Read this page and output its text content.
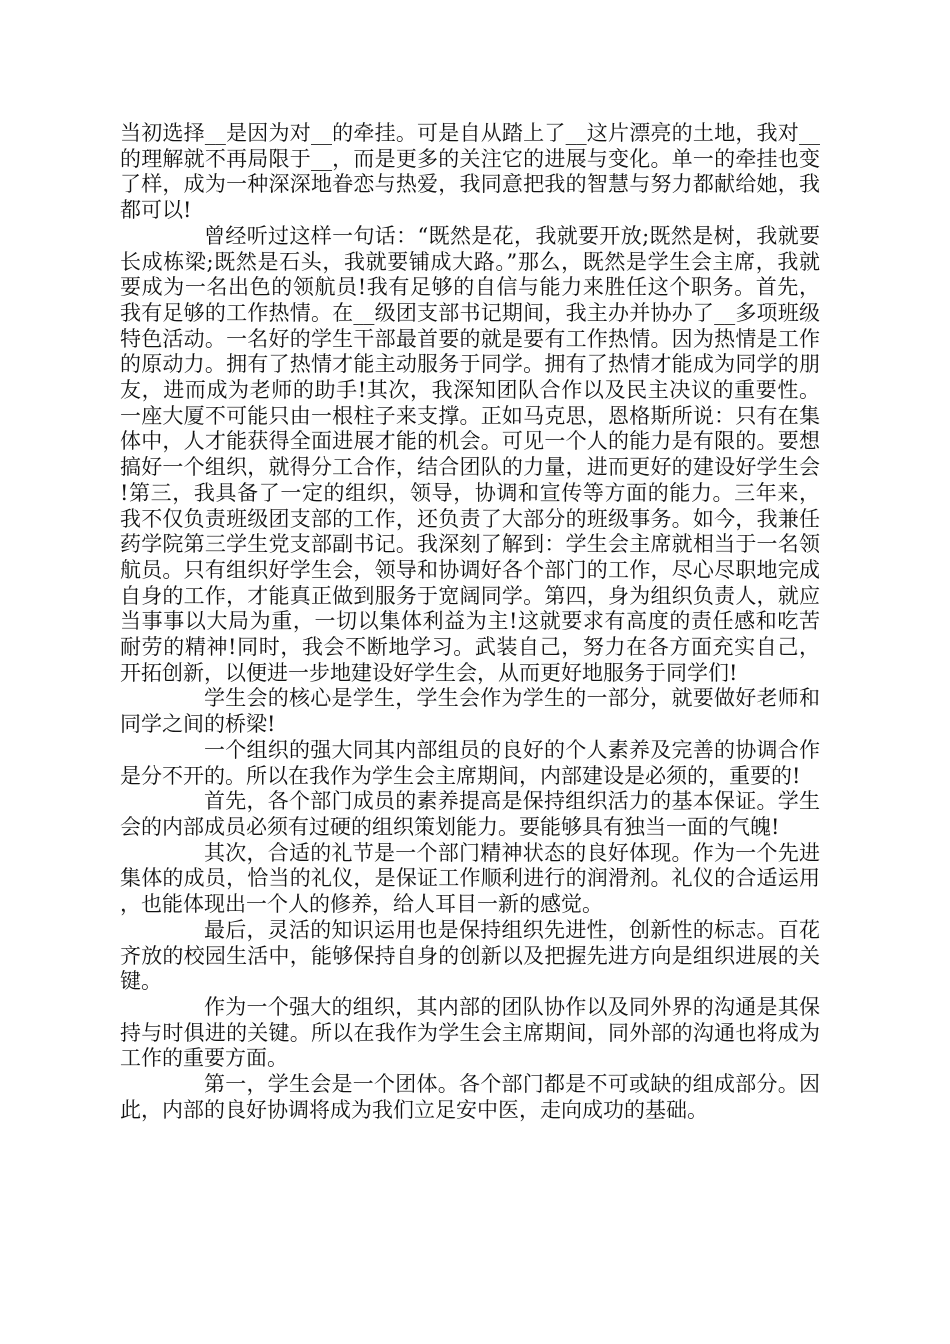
当初选择__是因为对__的牵挂。可是自从踏上了__这片漂亮的土地，我对__的理解就不再局限于__，而是更多的关注它的进展与变化。单一的牵挂也变了样，成为一种深深地眷恋与热爱，我同意把我的智慧与努力都献给她，我都可以!

曾经听过这样一句话：“既然是花，我就要开放;既然是树，我就要长成栋梁;既然是石头，我就要铺成大路。”那么，既然是学生会主席，我就要成为一名出色的领航员!我有足够的自信与能力来胜任这个职务。首先，我有足够的工作热情。在__级团支部书记期间，我主办并协办了__多项班级特色活动。一名好的学生干部最首要的就是要有工作热情。因为热情是工作的原动力。拥有了热情才能主动服务于同学。拥有了热情才能成为同学的朋友，进而成为老师的助手!其次，我深知团队合作以及民主决议的重要性。一座大厦不可能只由一根柱子来支撑。正如马克思，恩格斯所说：只有在集体中，人才能获得全面进展才能的机会。可见一个人的能力是有限的。要想搞好一个组织，就得分工合作，结合团队的力量，进而更好的建设好学生会!第三，我具备了一定的组织，领导，协调和宣传等方面的能力。三年来，我不仅负责班级团支部的工作，还负责了大部分的班级事务。如今，我兼任药学院第三学生党支部副书记。我深刻了解到：学生会主席就相当于一名领航员。只有组织好学生会，领导和协调好各个部门的工作，尽心尽职地完成自身的工作，才能真正做到服务于宽阔同学。第四，身为组织负责人，就应当事事以大局为重，一切以集体利益为主!这就要求有高度的责任感和吃苦耐劳的精神!同时，我会不断地学习。武装自己，努力在各方面充实自己，开拓创新，以便进一步地建设好学生会，从而更好地服务于同学们!

学生会的核心是学生，学生会作为学生的一部分，就要做好老师和同学之间的桥梁!

一个组织的强大同其内部组员的良好的个人素养及完善的协调合作是分不开的。所以在我作为学生会主席期间，内部建设是必须的，重要的!

首先，各个部门成员的素养提高是保持组织活力的基本保证。学生会的内部成员必须有过硬的组织策划能力。要能够具有独当一面的气魄!

其次，合适的礼节是一个部门精神状态的良好体现。作为一个先进集体的成员，恰当的礼仪，是保证工作顺利进行的润滑剂。礼仪的合适运用，也能体现出一个人的修养，给人耳目一新的感觉。

最后，灵活的知识运用也是保持组织先进性，创新性的标志。百花齐放的校园生活中，能够保持自身的创新以及把握先进方向是组织进展的关键。

作为一个强大的组织，其内部的团队协作以及同外界的沟通是其保持与时俱进的关键。所以在我作为学生会主席期间，同外部的沟通也将成为工作的重要方面。

第一，学生会是一个团体。各个部门都是不可或缺的组成部分。因此，内部的良好协调将成为我们立足安中医，走向成功的基础。
